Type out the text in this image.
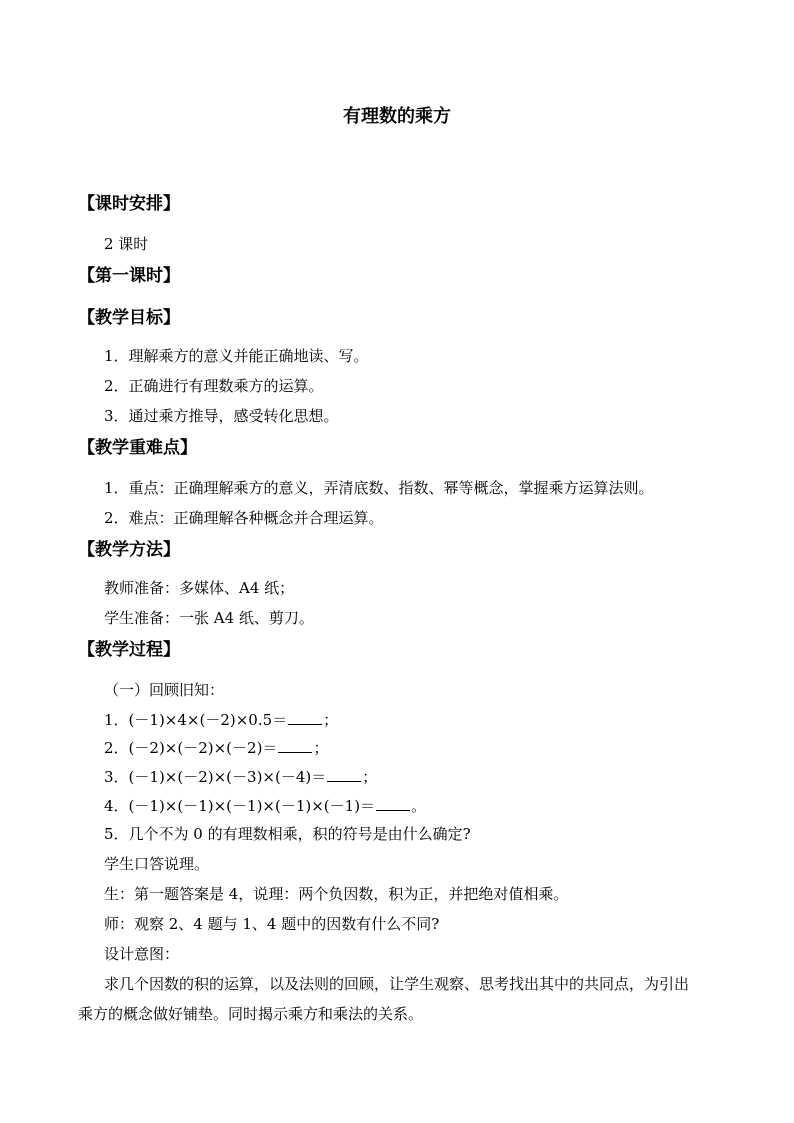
有理数的乘方
【课时安排】
2 课时
【第一课时】
【教学目标】
1．理解乘方的意义并能正确地读、写。
2．正确进行有理数乘方的运算。
3．通过乘方推导，感受转化思想。
【教学重难点】
1．重点：正确理解乘方的意义，弄清底数、指数、幂等概念，掌握乘方运算法则。
2．难点：正确理解各种概念并合理运算。
【教学方法】
教师准备：多媒体、A4 纸；
学生准备：一张 A4 纸、剪刀。
【教学过程】
（一）回顾旧知：
1．(－1)×4×(－2)×0.5＝ ；
2．(－2)×(－2)×(－2)＝ ；
3．(－1)×(－2)×(－3)×(－4)＝ ；
4．(－1)×(－1)×(－1)×(－1)×(－1)＝ 。
5．几个不为 0 的有理数相乘，积的符号是由什么确定?
学生口答说理。
生：第一题答案是 4，说理：两个负因数，积为正，并把绝对值相乘。
师：观察 2、4 题与 1、4 题中的因数有什么不同?
设计意图：
求几个因数的积的运算，以及法则的回顾，让学生观察、思考找出其中的共同点，为引出
乘方的概念做好铺垫。同时揭示乘方和乘法的关系。
